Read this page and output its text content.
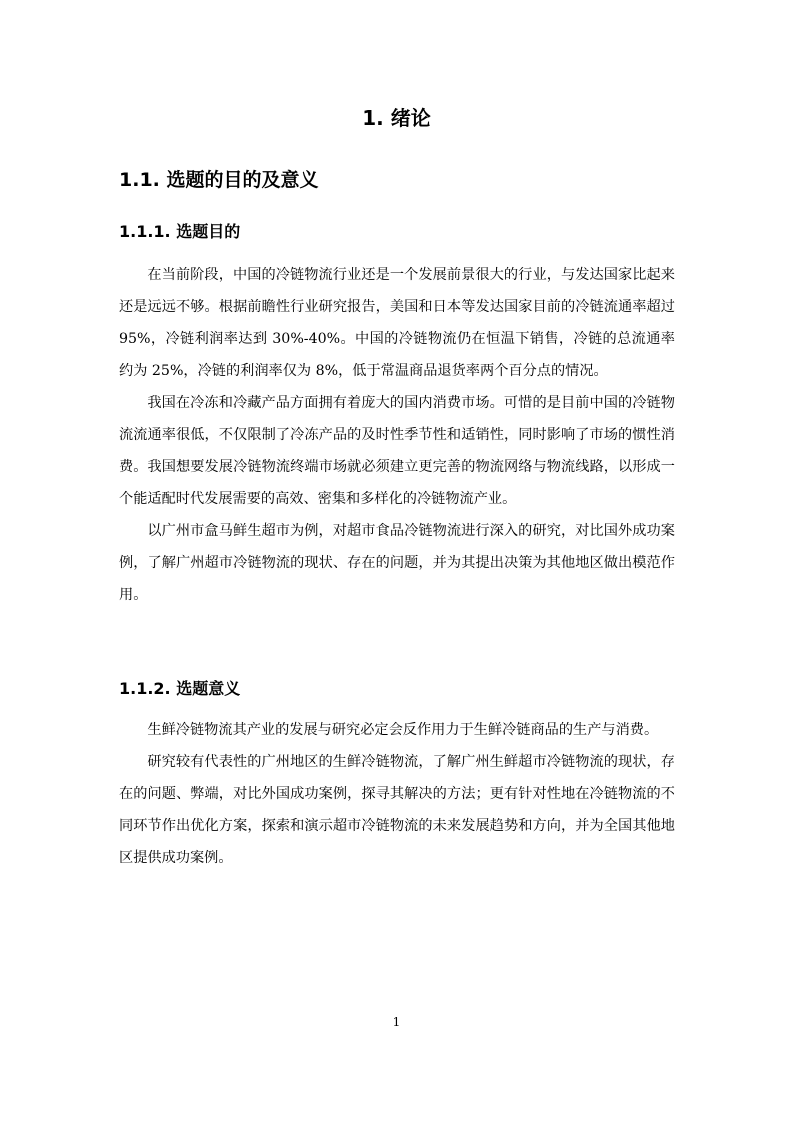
1. 绪论
1.1. 选题的目的及意义
1.1.1. 选题目的

在当前阶段，中国的冷链物流行业还是一个发展前景很大的行业，与发达国家比起来还是远远不够。根据前瞻性行业研究报告，美国和日本等发达国家目前的冷链流通率超过 95%，冷链利润率达到 30%-40%。中国的冷链物流仍在恒温下销售，冷链的总流通率约为 25%，冷链的利润率仅为 8%，低于常温商品退货率两个百分点的情况。

我国在冷冻和冷藏产品方面拥有着庞大的国内消费市场。可惜的是目前中国的冷链物流流通率很低，不仅限制了冷冻产品的及时性季节性和适销性，同时影响了市场的惯性消费。我国想要发展冷链物流终端市场就必须建立更完善的物流网络与物流线路，以形成一个能适配时代发展需要的高效、密集和多样化的冷链物流产业。

以广州市盒马鲜生超市为例，对超市食品冷链物流进行深入的研究，对比国外成功案例，了解广州超市冷链物流的现状、存在的问题，并为其提出决策为其他地区做出模范作用。

1.1.2. 选题意义

生鲜冷链物流其产业的发展与研究必定会反作用力于生鲜冷链商品的生产与消费。

研究较有代表性的广州地区的生鲜冷链物流，了解广州生鲜超市冷链物流的现状，存在的问题、弊端，对比外国成功案例，探寻其解决的方法；更有针对性地在冷链物流的不同环节作出优化方案，探索和演示超市冷链物流的未来发展趋势和方向，并为全国其他地区提供成功案例。

1
